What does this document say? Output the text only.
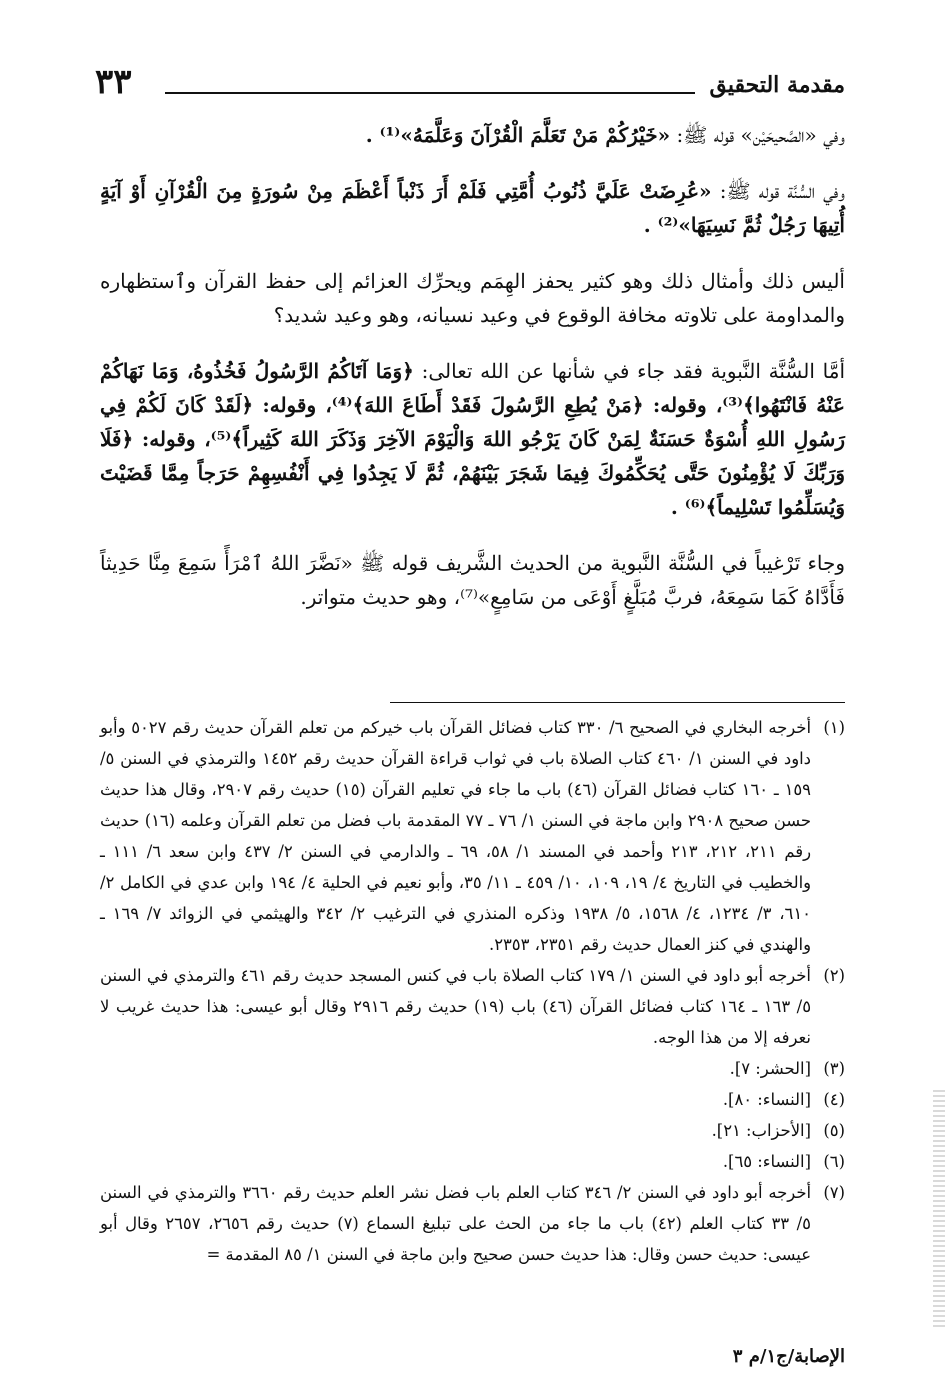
مقدمة التحقيق
٣٣

وفي «الصَّحيحَيْن» قوله ﷺ: «خَيْرُكُمْ مَنْ تَعَلَّمَ الْقُرْآنَ وَعَلَّمَهُ»⁽¹⁾ .

وفي السُّنَّة قوله ﷺ: «عُرِضَتْ عَلَيَّ ذُنُوبُ أُمَّتِي فَلَمْ أَرَ ذَنْباً أَعْظَمَ مِنْ سُورَةٍ مِنَ الْقُرْآنِ أَوْ آيَةٍ أُتِيهَا رَجُلٌ ثُمَّ نَسِيَهَا»⁽²⁾ .

أليس ذلك وأمثال ذلك وهو كثير يحفز الهِمَم ويحرِّك العزائم إلى حفظ القرآن وٱستظهاره والمداومة على تلاوته مخافة الوقوع في وعيد نسيانه، وهو وعيد شديد؟

أمَّا السُّنَّة النَّبوية فقد جاء في شأنها عن الله تعالى: ﴿وَمَا آتَاكُمُ الرَّسُولُ فَخُذُوهُ، وَمَا نَهَاكُمْ عَنْهُ فَانْتَهُوا﴾⁽³⁾، وقوله: ﴿مَنْ يُطِعِ الرَّسُولَ فَقَدْ أَطَاعَ اللهَ﴾⁽⁴⁾، وقوله: ﴿لَقَدْ كَانَ لَكُمْ فِي رَسُولِ اللهِ أُسْوَةٌ حَسَنَةٌ لِمَنْ كَانَ يَرْجُو اللهَ وَالْيَوْمَ الآخِرَ وَذَكَرَ اللهَ كَثِيراً﴾⁽⁵⁾، وقوله: ﴿فَلَا وَرَبِّكَ لَا يُؤْمِنُونَ حَتَّى يُحَكِّمُوكَ فِيمَا شَجَرَ بَيْنَهُمْ، ثُمَّ لَا يَجِدُوا فِي أَنْفُسِهِمْ حَرَجاً مِمَّا قَضَيْتَ وَيُسَلِّمُوا تَسْلِيماً﴾⁽⁶⁾ .

وجاء تَرْغيباً في السُّنَّة النَّبوية من الحديث الشَّريف قوله ﷺ «نَضَّرَ اللهُ ٱمْرَأً سَمِعَ مِنَّا حَدِيثاً فَأَدَّاهُ كَمَا سَمِعَهُ، فربَّ مُبَلَّغٍ أَوْعَى من سَامِعٍ»⁽⁷⁾، وهو حديث متواتر.

(١)
أخرجه البخاري في الصحيح ٦/ ٣٣٠ كتاب فضائل القرآن باب خيركم من تعلم القرآن حديث رقم ٥٠٢٧ وأبو داود في السنن ١/ ٤٦٠ كتاب الصلاة باب في ثواب قراءة القرآن حديث رقم ١٤٥٢ والترمذي في السنن ٥/ ١٥٩ ـ ١٦٠ كتاب فضائل القرآن (٤٦) باب ما جاء في تعليم القرآن (١٥) حديث رقم ٢٩٠٧، وقال هذا حديث حسن صحيح ٢٩٠٨ وابن ماجة في السنن ١/ ٧٦ ـ ٧٧ المقدمة باب فضل من تعلم القرآن وعلمه (١٦) حديث رقم ٢١١، ٢١٢، ٢١٣ وأحمد في المسند ١/ ٥٨، ٦٩ ـ والدارمي في السنن ٢/ ٤٣٧ وابن سعد ٦/ ١١١ ـ والخطيب في التاريخ ٤/ ١٩، ١٠٩، ١٠/ ٤٥٩ ـ ١١/ ٣٥، وأبو نعيم في الحلية ٤/ ١٩٤ وابن عدي في الكامل ٢/ ٦١٠، ٣/ ١٢٣٤، ٤/ ١٥٦٨، ٥/ ١٩٣٨ وذكره المنذري في الترغيب ٢/ ٣٤٢ والهيثمي في الزوائد ٧/ ١٦٩ ـ والهندي في كنز العمال حديث رقم ٢٣٥١، ٢٣٥٣.
(٢)
أخرجه أبو داود في السنن ١/ ١٧٩ كتاب الصلاة باب في كنس المسجد حديث رقم ٤٦١ والترمذي في السنن ٥/ ١٦٣ ـ ١٦٤ كتاب فضائل القرآن (٤٦) باب (١٩) حديث رقم ٢٩١٦ وقال أبو عيسى: هذا حديث غريب لا نعرفه إلا من هذا الوجه.
(٣)
[الحشر: ٧].
(٤)
[النساء: ٨٠].
(٥)
[الأحزاب: ٢١].
(٦)
[النساء: ٦٥].
(٧)
أخرجه أبو داود في السنن ٢/ ٣٤٦ كتاب العلم باب فضل نشر العلم حديث رقم ٣٦٦٠ والترمذي في السنن ٥/ ٣٣ كتاب العلم (٤٢) باب ما جاء من الحث على تبليغ السماع (٧) حديث رقم ٢٦٥٦، ٢٦٥٧ وقال أبو عيسى: حديث حسن وقال: هذا حديث حسن صحيح وابن ماجة في السنن ١/ ٨٥ المقدمة =
الإصابة/ج١/م ٣
